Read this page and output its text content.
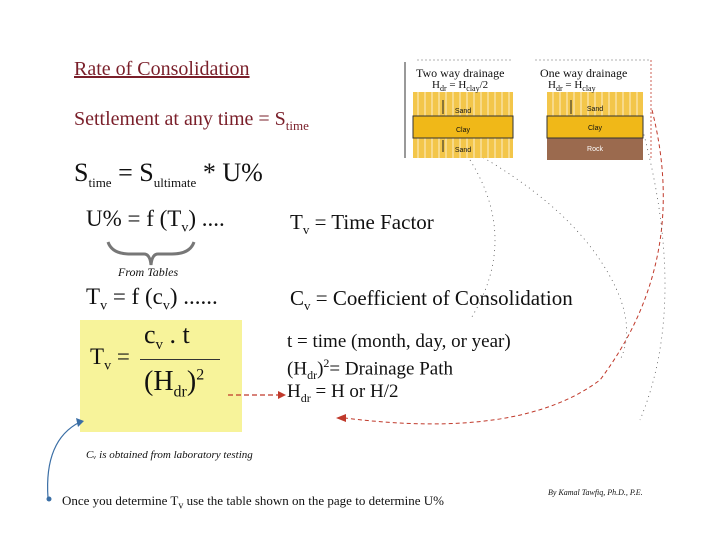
Rate of Consolidation
Settlement at any time = $S_{time}$
$S_{time} = S_{ultimate} * U\%$
U% = f $(T_v)$ ....	$T_v$ = Time Factor
From Tables
$T_v = f$ $(c_v)$ ......	$C_v$ = Coefficient of Consolidation
$T_v$ =
$c_v$ . t
$(H_{dr})^2$
t = time (month, day, or year)
$(H_{dr})^2=$ Drainage Path
$H_{dr} = H$ or H/2
Cᵥ is obtained from laboratory testing
Once you determine $T_v$ use the table shown on the page to determine U%
By Kamal Tawfiq, Ph.D., P.E.
Two way drainage
$H_{dr} = H_{clay}/2$
One way drainage
$H_{dr} = H_{clay}$
Sand
Clay
Sand
Sand
Clay
Rock
